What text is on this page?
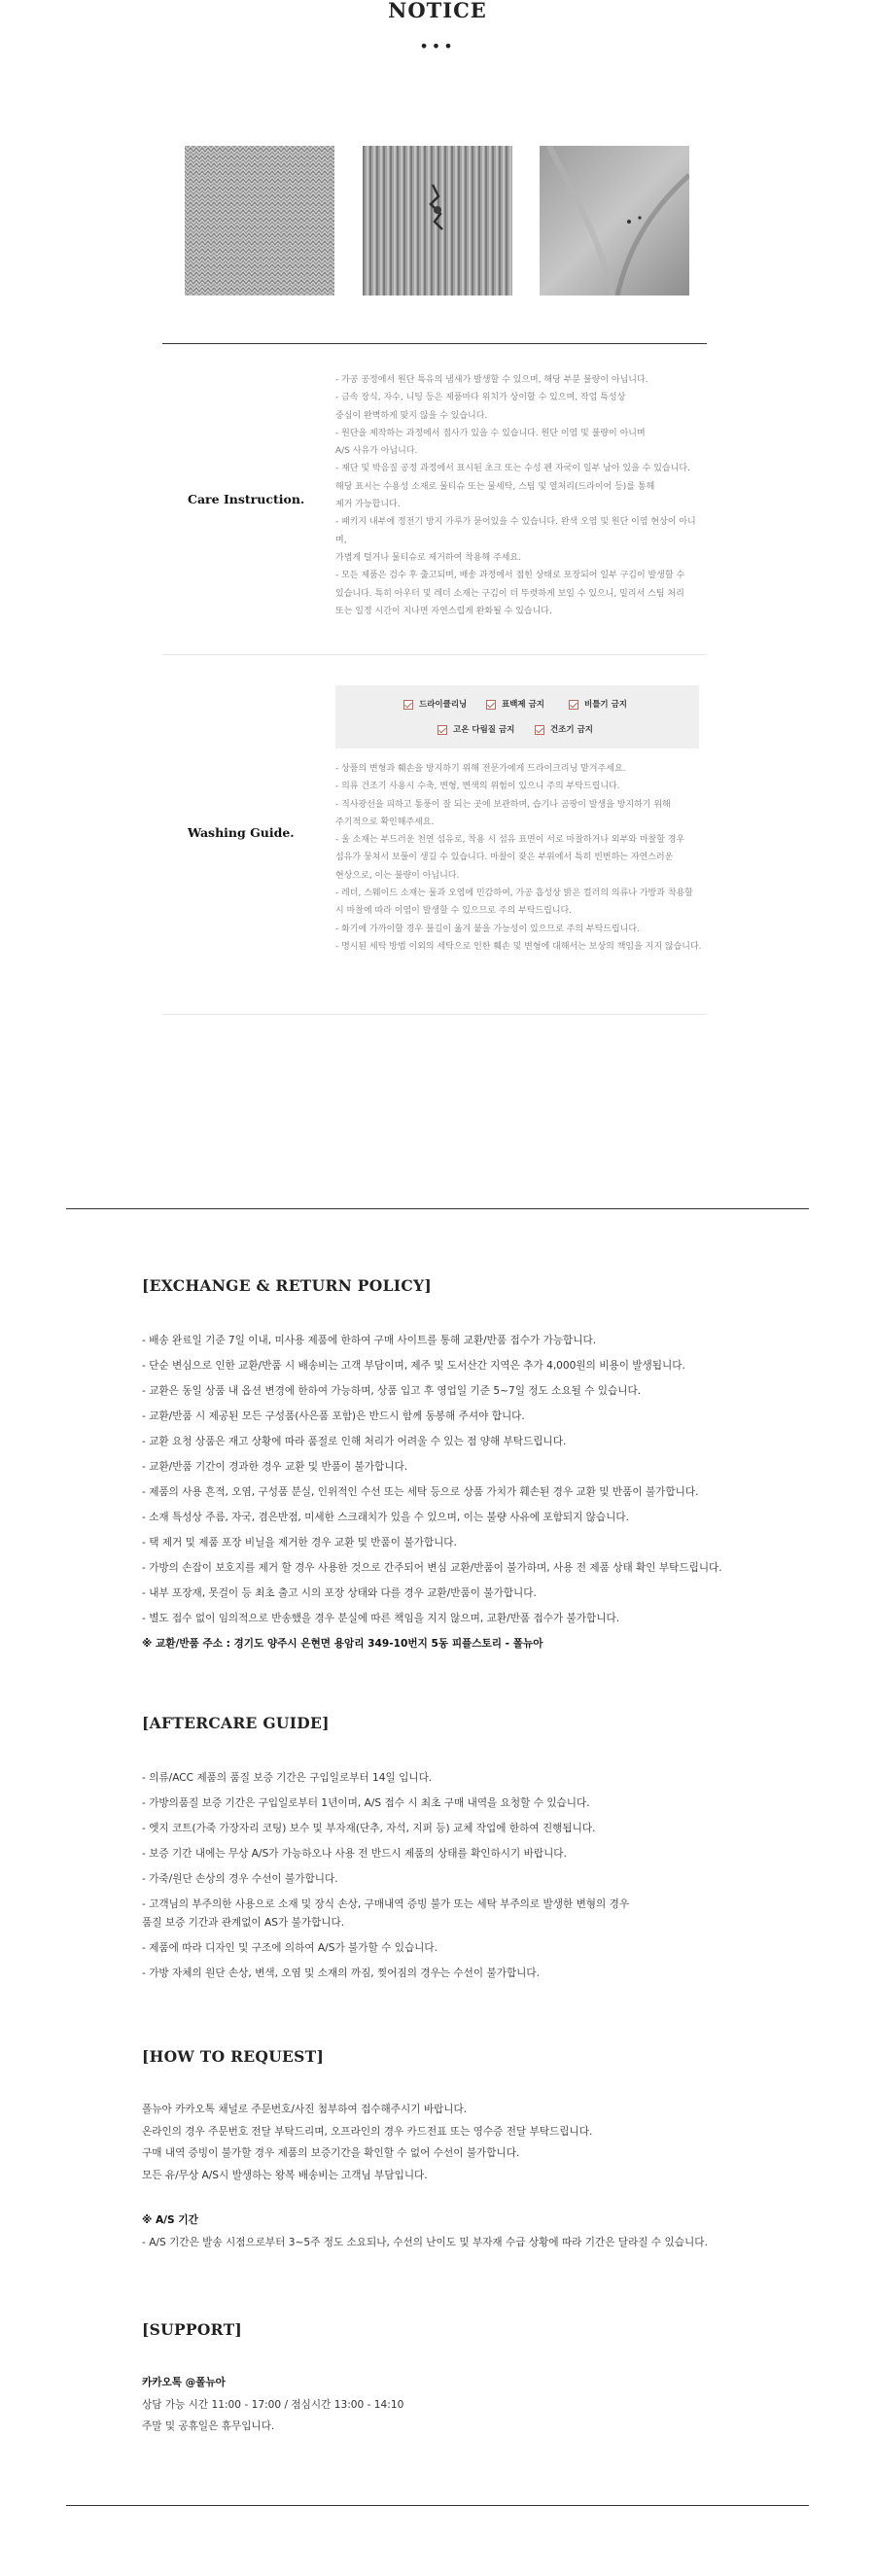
NOTICE
•••
Care Instruction.
- 가공 공정에서 원단 특유의 냄새가 발생할 수 있으며, 해당 부분 불량이 아닙니다.
- 금속 장식, 자수, 니팅 등은 제품마다 위치가 상이할 수 있으며, 작업 특성상
중심이 완벽하게 맞지 않을 수 있습니다.
- 원단을 제작하는 과정에서 접사가 있을 수 있습니다. 원단 이염 및 불량이 아니며
A/S 사유가 아닙니다.
- 재단 및 박음질 공정 과정에서 표시된 초크 또는 수성 펜 자국이 일부 남아 있을 수 있습니다.
해당 표시는 수용성 소재로 물티슈 또는 물세탁, 스팀 및 열처리(드라이어 등)를 통해
제거 가능합니다.
- 패키지 내부에 정전기 방지 가루가 묻어있을 수 있습니다. 완색 오염 및 원단 이염 현상이 아니며,
가볍게 털거나 물티슈로 제거하여 착용해 주세요.
- 모든 제품은 검수 후 출고되며, 배송 과정에서 접힌 상태로 포장되어 일부 구김이 발생할 수
있습니다. 특히 아우터 및 레더 소재는 구김이 더 뚜렷하게 보일 수 있으니, 밀리서 스팀 처리
또는 일정 시간이 지나면 자연스럽게 완화될 수 있습니다.
Washing Guide.
드라이클리닝	표백제 금지	비틀기 금지
고온 다림질 금지	건조기 금지
- 상품의 변형과 훼손을 방지하기 위해 전문가에게 드라이크리닝 맡겨주세요.
- 의류 건조기 사용시 수축, 변형, 변색의 위험이 있으니 주의 부탁드립니다.
- 직사광선을 피하고 통풍이 잘 되는 곳에 보관하며, 습기나 곰팡이 발생을 방지하기 위해
주기적으로 확인해주세요.
- 울 소재는 부드러운 천연 섬유로, 착용 시 섬유 표면이 서로 마찰하거나 외부와 마찰할 경우
섬유가 뭉쳐서 보풀이 생길 수 있습니다. 마찰이 잦은 부위에서 특히 빈번하는 자연스러운
현상으로, 이는 불량이 아닙니다.
- 레더, 스웨이드 소재는 물과 오염에 민감하여, 가공 흡성상 밝은 컬러의 의류나 가방과 착용할
시 마찰에 따라 이염이 발생할 수 있으므로 주의 부탁드립니다.
- 화기에 가까이할 경우 불길이 옮겨 붙을 가능성이 있으므로 주의 부탁드립니다.
- 명시된 세탁 방법 이외의 세탁으로 인한 훼손 및 변형에 대해서는 보상의 책임을 지지 않습니다.
[EXCHANGE & RETURN POLICY]
- 배송 완료일 기준 7일 이내, 미사용 제품에 한하여 구매 사이트를 통해 교환/반품 접수가 가능합니다.
- 단순 변심으로 인한 교환/반품 시 배송비는 고객 부담이며, 제주 및 도서산간 지역은 추가 4,000원의 비용이 발생됩니다.
- 교환은 동일 상품 내 옵션 변경에 한하여 가능하며, 상품 입고 후 영업일 기준 5~7일 정도 소요될 수 있습니다.
- 교환/반품 시 제공된 모든 구성품(사은품 포함)은 반드시 함께 동봉해 주셔야 합니다.
- 교환 요청 상품은 재고 상황에 따라 품절로 인해 처리가 어려울 수 있는 점 양해 부탁드립니다.
- 교환/반품 기간이 경과한 경우 교환 및 반품이 불가합니다.
- 제품의 사용 흔적, 오염, 구성품 분실, 인위적인 수선 또는 세탁 등으로 상품 가치가 훼손된 경우 교환 및 반품이 불가합니다.
- 소재 특성상 주름, 자국, 겸은반점, 미세한 스크래치가 있을 수 있으며, 이는 불량 사유에 포함되지 않습니다.
- 택 제거 및 제품 포장 비닐을 제거한 경우 교환 및 반품이 불가합니다.
- 가방의 손잡이 보호지를 제거 할 경우 사용한 것으로 간주되어 변심 교환/반품이 불가하며, 사용 전 제품 상태 확인 부탁드립니다.
- 내부 포장재, 못걸이 등 최초 출고 시의 포장 상태와 다를 경우 교환/반품이 불가합니다.
- 별도 접수 없이 임의적으로 반송했을 경우 분실에 따른 책임을 지지 않으며, 교환/반품 접수가 불가합니다.
※ 교환/반품 주소 : 경기도 양주시 은현면 용암리 349-10번지 5동 피플스토리 - 폴뉴아
[AFTERCARE GUIDE]
- 의류/ACC 제품의 품질 보증 기간은 구입일로부터 14일 입니다.
- 가방의품질 보증 기간은 구입일로부터 1년이며, A/S 접수 시 최초 구매 내역을 요청할 수 있습니다.
- 엣지 코트(가죽 가장자리 코팅) 보수 및 부자재(단추, 자석, 지퍼 등) 교체 작업에 한하여 진행됩니다.
- 보증 기간 내에는 무상 A/S가 가능하오나 사용 전 반드시 제품의 상태를 확인하시기 바랍니다.
- 가죽/원단 손상의 경우 수선이 불가합니다.
- 고객님의 부주의한 사용으로 소재 및 장식 손상, 구매내역 증빙 불가 또는 세탁 부주의로 발생한 변형의 경우
품질 보증 기간과 관계없이 AS가 불가합니다.
- 제품에 따라 디자인 및 구조에 의하여 A/S가 불가할 수 있습니다.
- 가방 자체의 원단 손상, 변색, 오염 및 소재의 까짐, 찢어짐의 경우는 수선이 불가합니다.
[HOW TO REQUEST]

폴뉴아 카카오톡 채널로 주문번호/사진 첨부하여 접수해주시기 바랍니다.

온라인의 경우 주문번호 전달 부탁드리며, 오프라인의 경우 카드전표 또는 영수증 전달 부탁드립니다.

구매 내역 증빙이 불가할 경우 제품의 보증기간을 확인할 수 없어 수선이 불가합니다.

모든 유/무상 A/S시 발생하는 왕복 배송비는 고객님 부담입니다.

※ A/S 기간

- A/S 기간은 발송 시점으로부터 3~5주 정도 소요되나, 수선의 난이도 및 부자재 수급 상황에 따라 기간은 달라질 수 있습니다.

[SUPPORT]

카카오톡 @폴뉴아

상담 가능 시간 11:00 - 17:00 / 점심시간 13:00 - 14:10

주말 및 공휴일은 휴무입니다.
